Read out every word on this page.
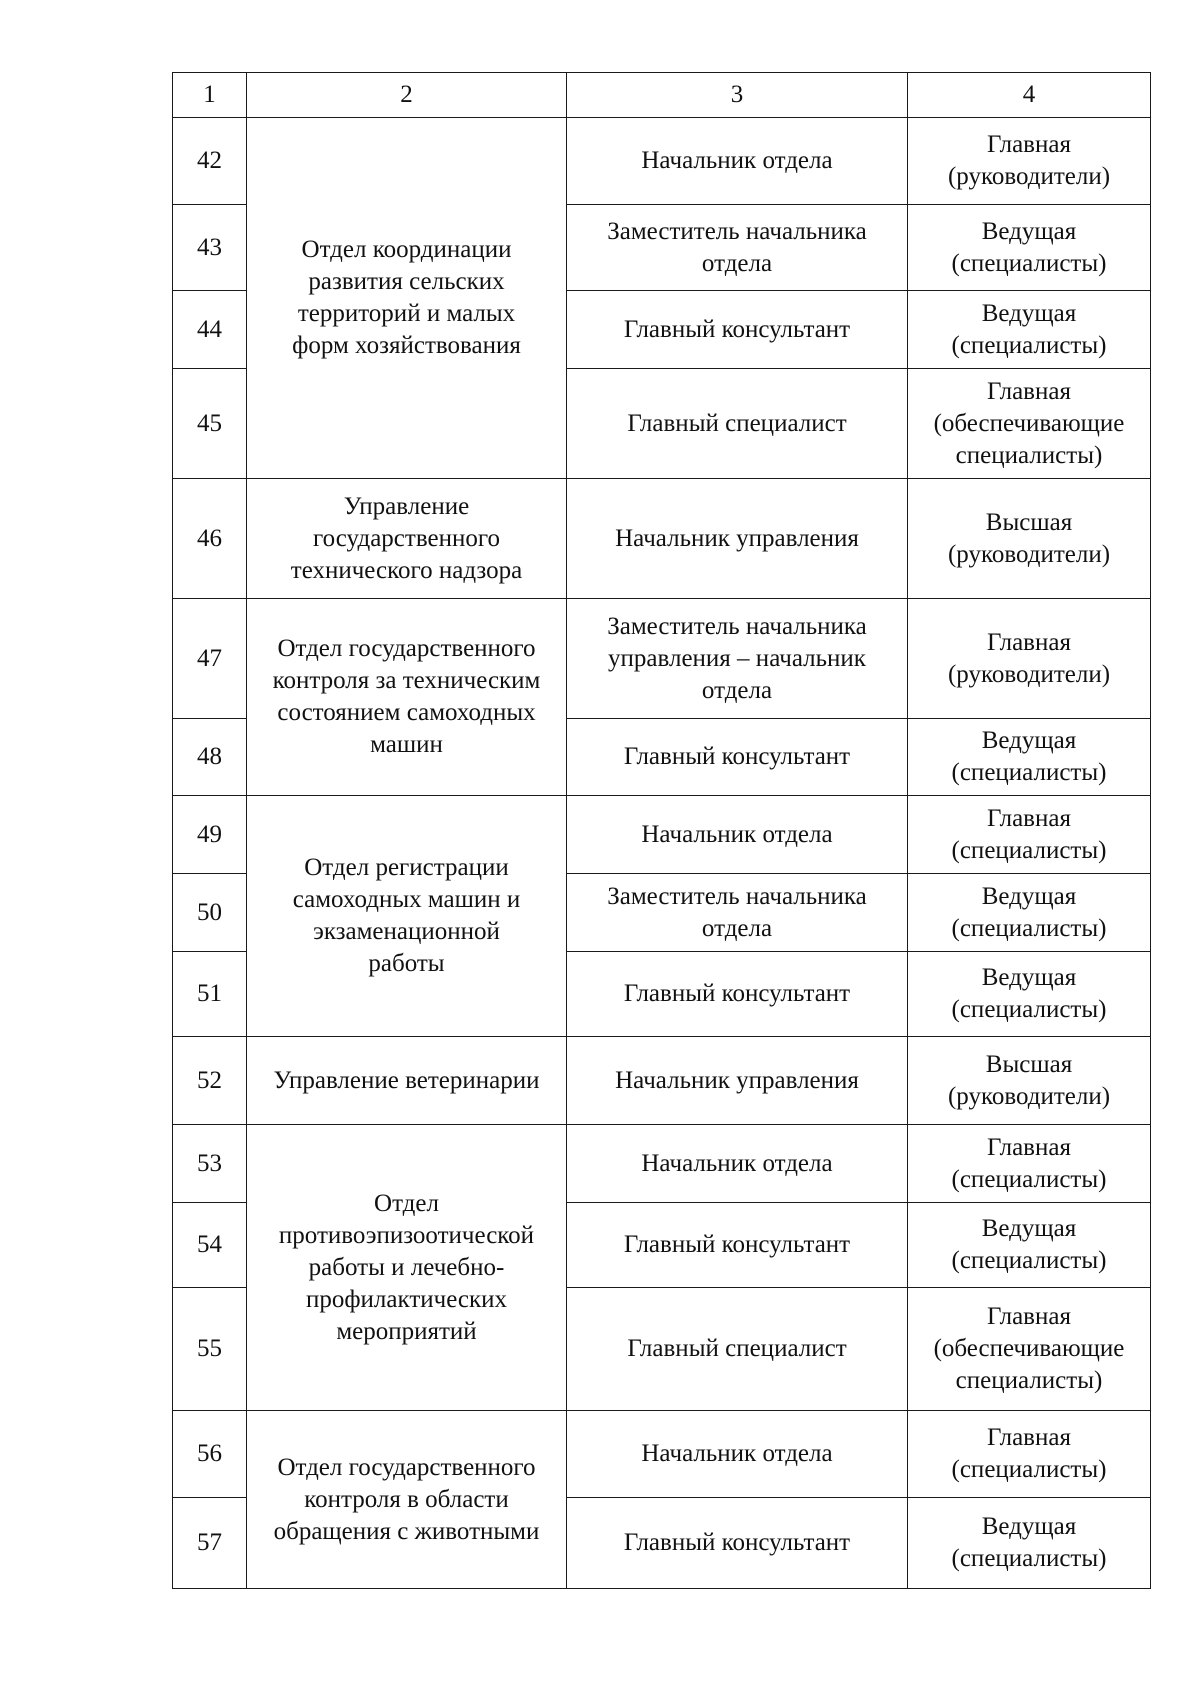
1	2	3	4
42	Отдел координации развития сельских территорий и малых форм хозяйствования	Начальник отдела	Главная (руководители)
43		Заместитель начальника отдела	Ведущая (специалисты)
44		Главный консультант	Ведущая (специалисты)
45		Главный специалист	Главная (обеспечивающие специалисты)
46	Управление государственного технического надзора	Начальник управления	Высшая (руководители)
47	Отдел государственного контроля за техническим состоянием самоходных машин	Заместитель начальника управления – начальник отдела	Главная (руководители)
48		Главный консультант	Ведущая (специалисты)
49	Отдел регистрации самоходных машин и экзаменационной работы	Начальник отдела	Главная (специалисты)
50		Заместитель начальника отдела	Ведущая (специалисты)
51		Главный консультант	Ведущая (специалисты)
52	Управление ветеринарии	Начальник управления	Высшая (руководители)
53	Отдел противоэпизоотической работы и лечебно-профилактических мероприятий	Начальник отдела	Главная (специалисты)
54		Главный консультант	Ведущая (специалисты)
55		Главный специалист	Главная (обеспечивающие специалисты)
56	Отдел государственного контроля в области обращения с животными	Начальник отдела	Главная (специалисты)
57		Главный консультант	Ведущая (специалисты)
